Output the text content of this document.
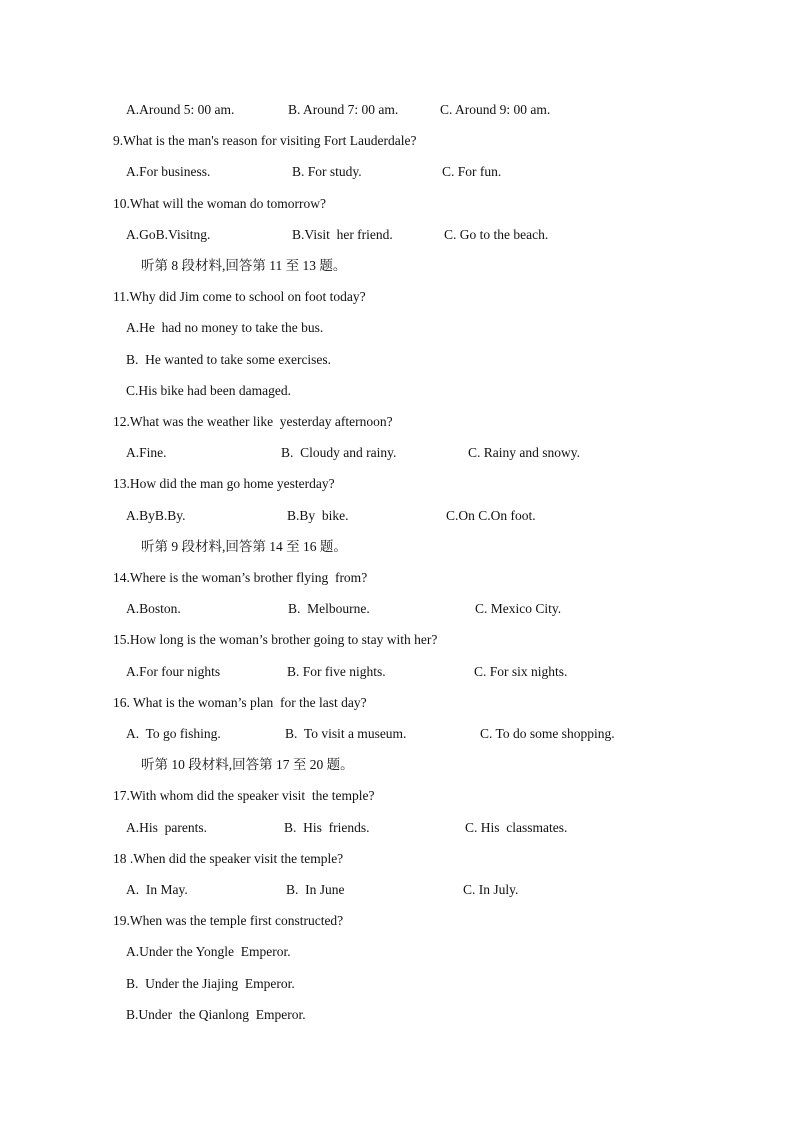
A.Around 5: 00 am.	B. Around 7: 00 am.	C. Around 9: 00 am.
9.What is the man's reason for visiting Fort Lauderdale?
A.For business.	B. For study.	C. For fun.
10.What will the woman do tomorrow?
A.GoB.Visitng.	B.Visit  her friend.	C. Go to the beach.
听第 8 段材料,回答第 11 至 13 题。
11.Why did Jim come to school on foot today?
A.He  had no money to take the bus.
B.  He wanted to take some exercises.
C.His bike had been damaged.
12.What was the weather like  yesterday afternoon?
A.Fine.	B.  Cloudy and rainy.	C. Rainy and snowy.
13.How did the man go home yesterday?
A.ByB.By.	B.By  bike.	C.On C.On foot.
听第 9 段材料,回答第 14 至 16 题。
14.Where is the woman’s brother flying  from?
A.Boston.	B.  Melbourne.	C. Mexico City.
15.How long is the woman’s brother going to stay with her?
A.For four nights	B. For five nights.	C. For six nights.
16. What is the woman’s plan  for the last day?
A.  To go fishing.	B.  To visit a museum.	C. To do some shopping.
听第 10 段材料,回答第 17 至 20 题。
17.With whom did the speaker visit  the temple?
A.His  parents.	B.  His  friends.	C. His  classmates.
18 .When did the speaker visit the temple?
A.  In May.	B.  In June	C. In July.
19.When was the temple first constructed?
A.Under the Yongle  Emperor.
B.  Under the Jiajing  Emperor.
B.Under  the Qianlong  Emperor.
